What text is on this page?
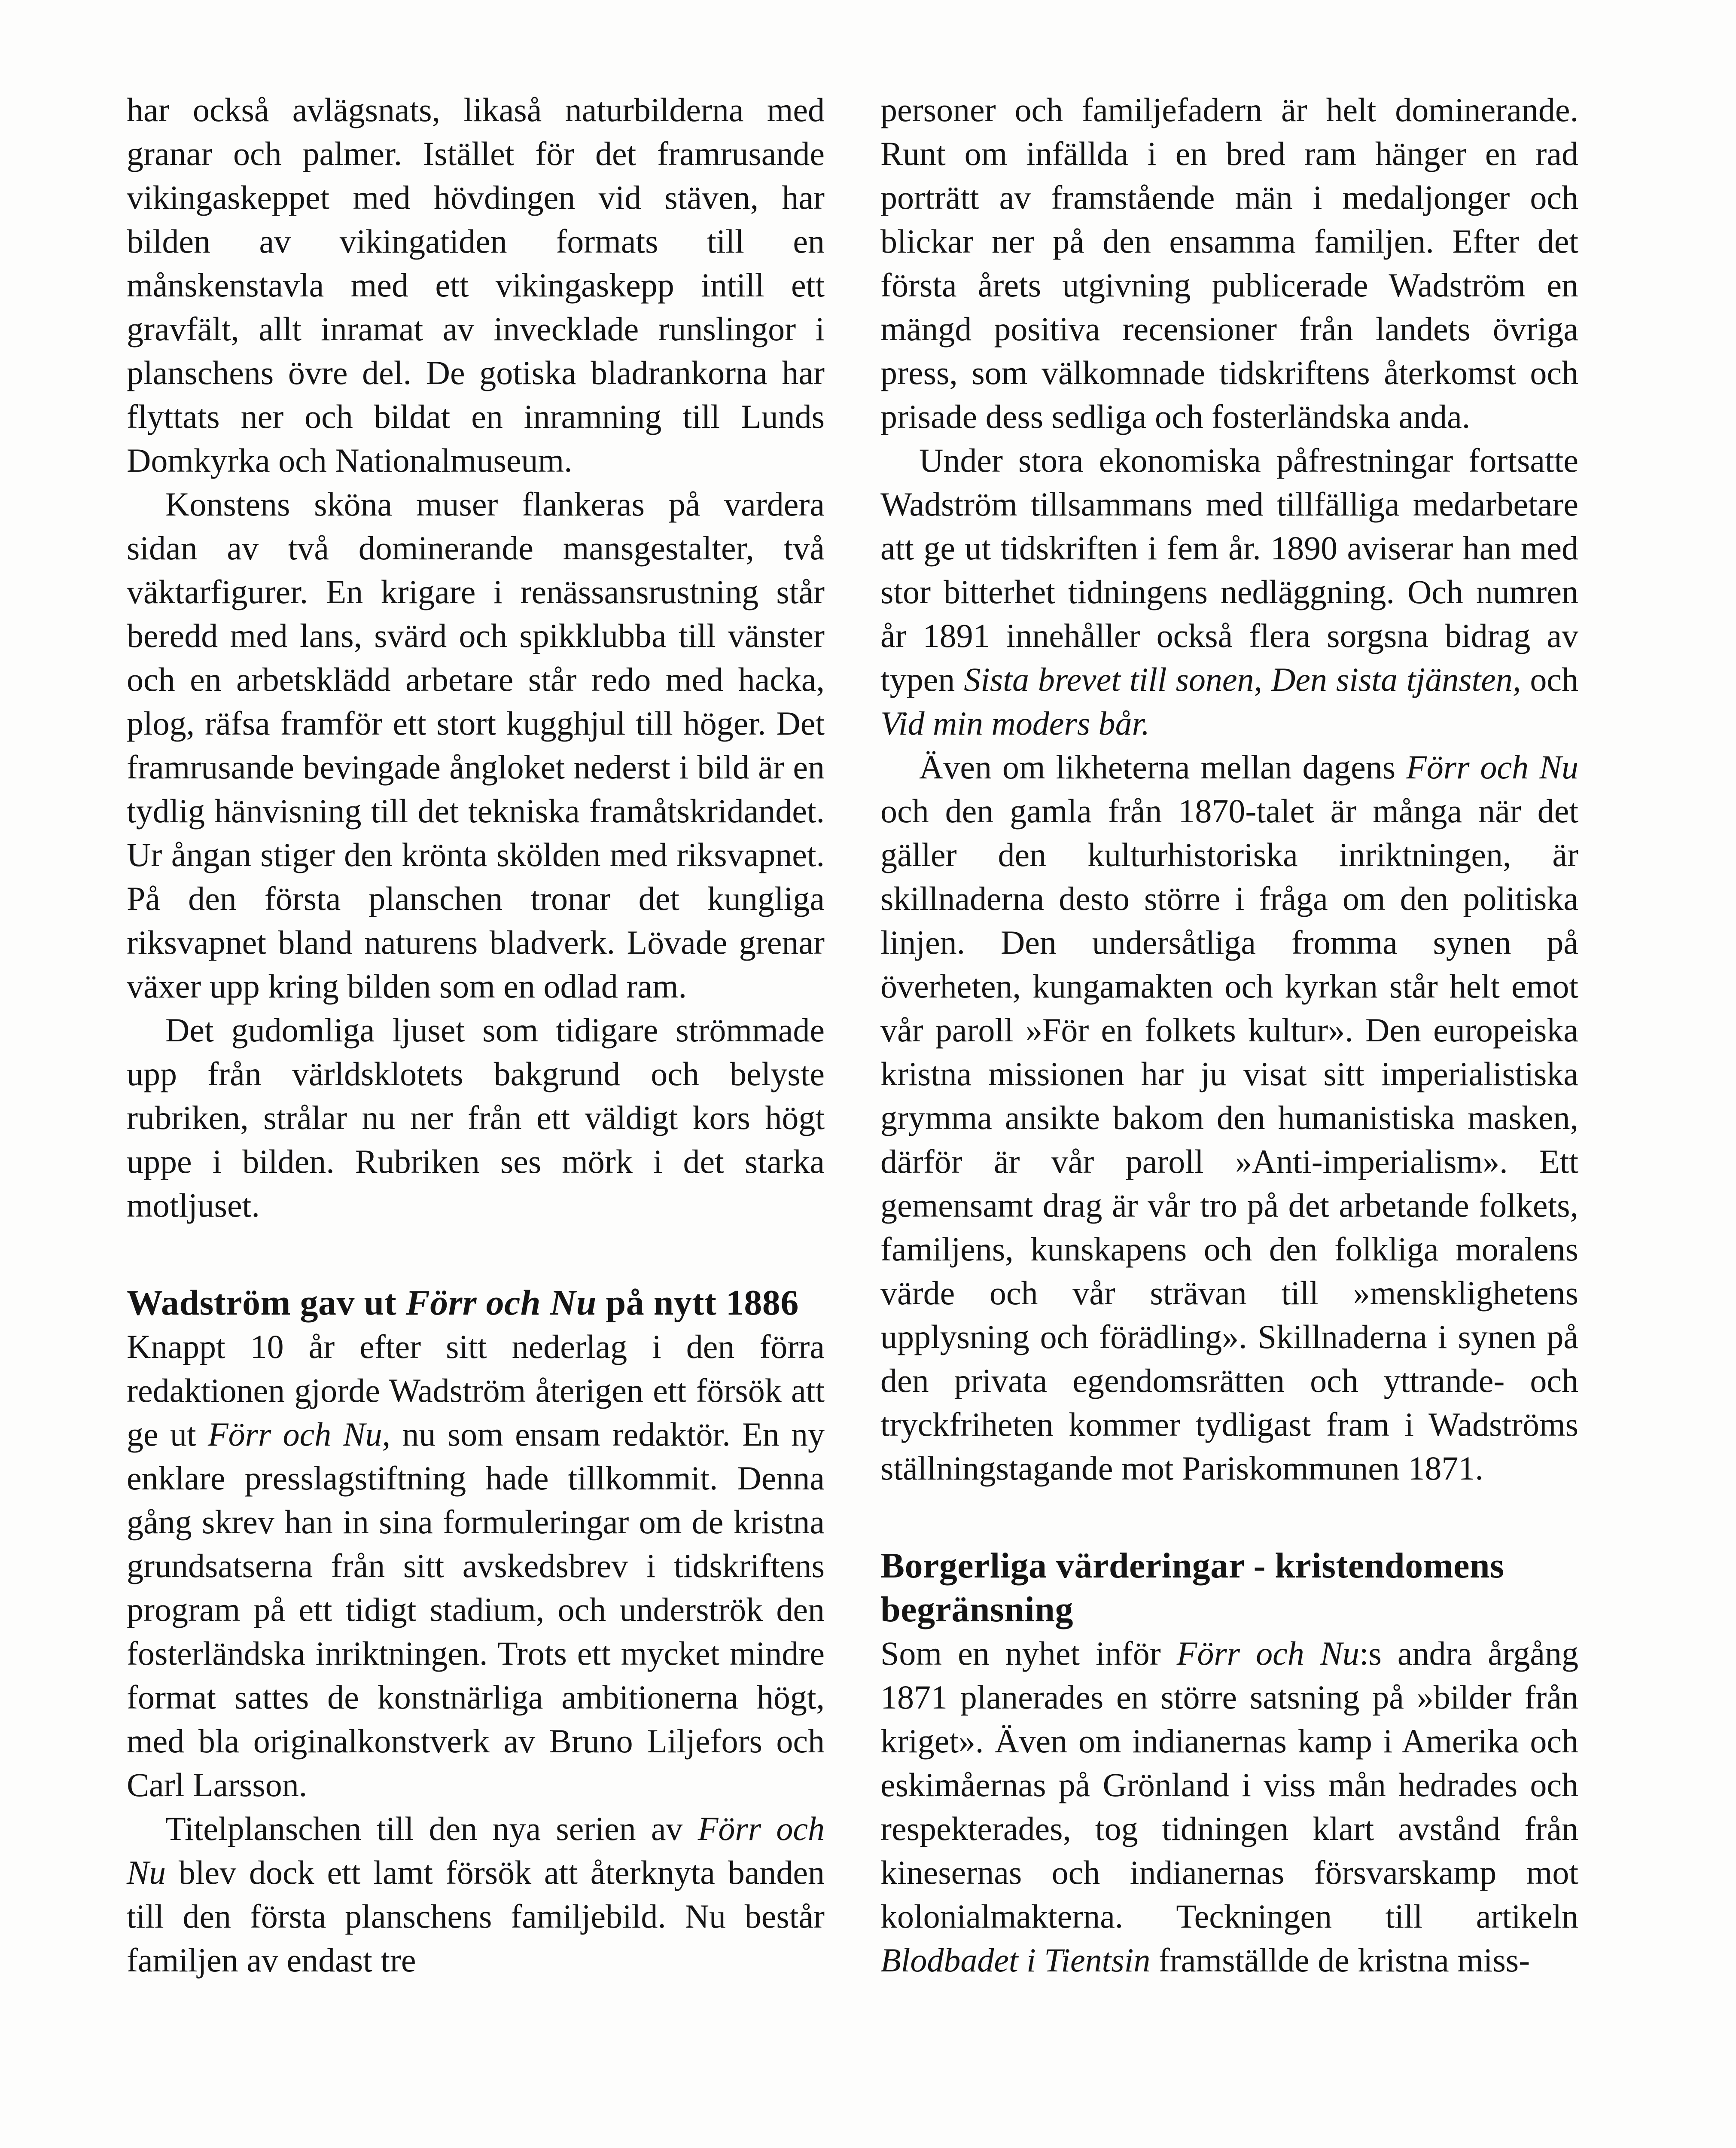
har också avlägsnats, likaså naturbilderna med granar och palmer. Istället för det framrusande vikingaskeppet med hövdingen vid stäven, har bilden av vikingatiden formats till en månskenstavla med ett vikingaskepp intill ett gravfält, allt inramat av invecklade runslingor i planschens övre del. De gotiska bladrankorna har flyttats ner och bildat en inramning till Lunds Domkyrka och Nationalmuseum.

Konstens sköna muser flankeras på vardera sidan av två dominerande mansgestalter, två väktarfigurer. En krigare i renässansrustning står beredd med lans, svärd och spikklubba till vänster och en arbetsklädd arbetare står redo med hacka, plog, räfsa framför ett stort kugghjul till höger. Det framrusande bevingade ångloket nederst i bild är en tydlig hänvisning till det tekniska framåtskridandet. Ur ångan stiger den krönta skölden med riksvapnet. På den första planschen tronar det kungliga riksvapnet bland naturens bladverk. Lövade grenar växer upp kring bilden som en odlad ram.

Det gudomliga ljuset som tidigare strömmade upp från världsklotets bakgrund och belyste rubriken, strålar nu ner från ett väldigt kors högt uppe i bilden. Rubriken ses mörk i det starka motljuset.

Wadström gav ut Förr och Nu på nytt 1886

Knappt 10 år efter sitt nederlag i den förra redaktionen gjorde Wadström återigen ett försök att ge ut Förr och Nu, nu som ensam redaktör. En ny enklare presslagstiftning hade tillkommit. Denna gång skrev han in sina formuleringar om de kristna grundsatserna från sitt avskedsbrev i tidskriftens program på ett tidigt stadium, och underströk den fosterländska inriktningen. Trots ett mycket mindre format sattes de konstnärliga ambitionerna högt, med bla originalkonstverk av Bruno Liljefors och Carl Larsson.

Titelplanschen till den nya serien av Förr och Nu blev dock ett lamt försök att återknyta banden till den första planschens familjebild. Nu består familjen av endast tre

personer och familjefadern är helt dominerande. Runt om infällda i en bred ram hänger en rad porträtt av framstående män i medaljonger och blickar ner på den ensamma familjen. Efter det första årets utgivning publicerade Wadström en mängd positiva recensioner från landets övriga press, som välkomnade tidskriftens återkomst och prisade dess sedliga och fosterländska anda.

Under stora ekonomiska påfrestningar fortsatte Wadström tillsammans med tillfälliga medarbetare att ge ut tidskriften i fem år. 1890 aviserar han med stor bitterhet tidningens nedläggning. Och numren år 1891 innehåller också flera sorgsna bidrag av typen Sista brevet till sonen, Den sista tjänsten, och Vid min moders bår.

Även om likheterna mellan dagens Förr och Nu och den gamla från 1870-talet är många när det gäller den kulturhistoriska inriktningen, är skillnaderna desto större i fråga om den politiska linjen. Den undersåtliga fromma synen på överheten, kungamakten och kyrkan står helt emot vår paroll »För en folkets kultur». Den europeiska kristna missionen har ju visat sitt imperialistiska grymma ansikte bakom den humanistiska masken, därför är vår paroll »Anti-imperialism». Ett gemensamt drag är vår tro på det arbetande folkets, familjens, kunskapens och den folkliga moralens värde och vår strävan till »mensklighetens upplysning och förädling». Skillnaderna i synen på den privata egendomsrätten och yttrande- och tryckfriheten kommer tydligast fram i Wadströms ställningstagande mot Pariskommunen 1871.

Borgerliga värderingar - kristendomens begränsning

Som en nyhet inför Förr och Nu:s andra årgång 1871 planerades en större satsning på »bilder från kriget». Även om indianernas kamp i Amerika och eskimåernas på Grönland i viss mån hedrades och respekterades, tog tidningen klart avstånd från kinesernas och indianernas försvarskamp mot kolonialmakterna. Teckningen till artikeln Blodbadet i Tientsin framställde de kristna miss-
